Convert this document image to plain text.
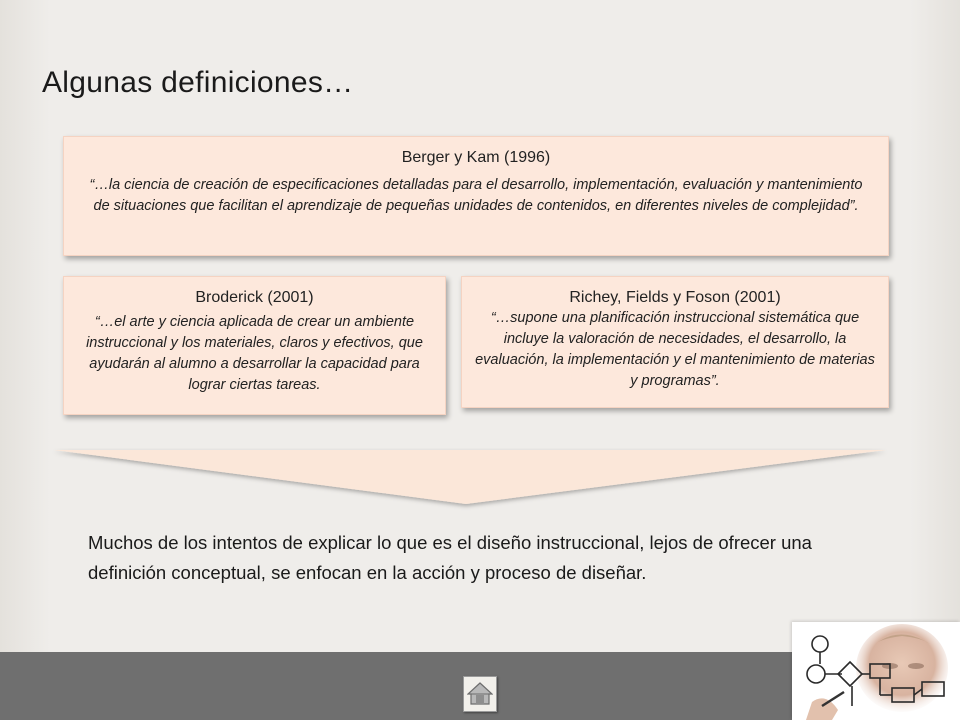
Algunas definiciones…
Berger y Kam (1996)
“…la ciencia de creación de especificaciones detalladas para el desarrollo, implementación, evaluación y mantenimiento de situaciones que facilitan el aprendizaje de pequeñas unidades de contenidos, en diferentes niveles de complejidad”.
Broderick (2001)
“…el arte y ciencia aplicada de crear un ambiente instruccional y los materiales, claros y efectivos, que ayudarán al alumno a desarrollar la capacidad para lograr ciertas tareas.
Richey, Fields y Foson (2001)
“…supone una planificación instruccional sistemática que incluye la valoración de necesidades, el desarrollo, la evaluación, la implementación y el mantenimiento de materias y programas”.
Muchos de los intentos de explicar lo que es el diseño instruccional, lejos de ofrecer una definición conceptual, se enfocan en la acción y proceso de diseñar.
